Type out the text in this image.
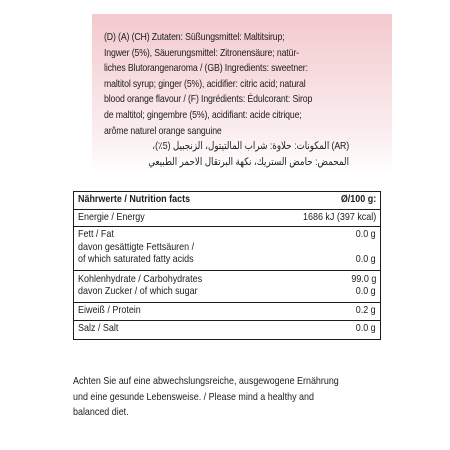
(D) (A) (CH) Zutaten: Süßungsmittel: Maltitsirup;
Ingwer (5%), Säuerungsmittel: Zitronensäure; natür-
liches Blutorangenaroma / (GB) Ingredients: sweetner:
maltitol syrup; ginger (5%), acidifier: citric acid; natural
blood orange flavour / (F) Ingrédients: Édulcorant: Sirop
de maltitol; gingembre (5%), acidifiant: acide citrique;
arôme naturel orange sanguine
(AR) المكونات: حلاوة: شراب المالتيتول، الزنجبيل (5٪)،
المحمض: حامض الستريك، نكهة البرتقال الاحمر الطبيعي
Nährwerte / Nutrition facts	Ø/100 g:
Energie / Energy	1686 kJ (397 kcal)
Fett / Fat	0.0 g
davon gesättigte Fettsäuren /
of which saturated fatty acids	0.0 g
Kohlenhydrate / Carbohydrates	99.0 g
davon Zucker / of which sugar	0.0 g
Eiweiß / Protein	0.2 g
Salz / Salt	0.0 g
Achten Sie auf eine abwechslungsreiche, ausgewogene Ernährung
und eine gesunde Lebensweise. / Please mind a healthy and
balanced diet.
